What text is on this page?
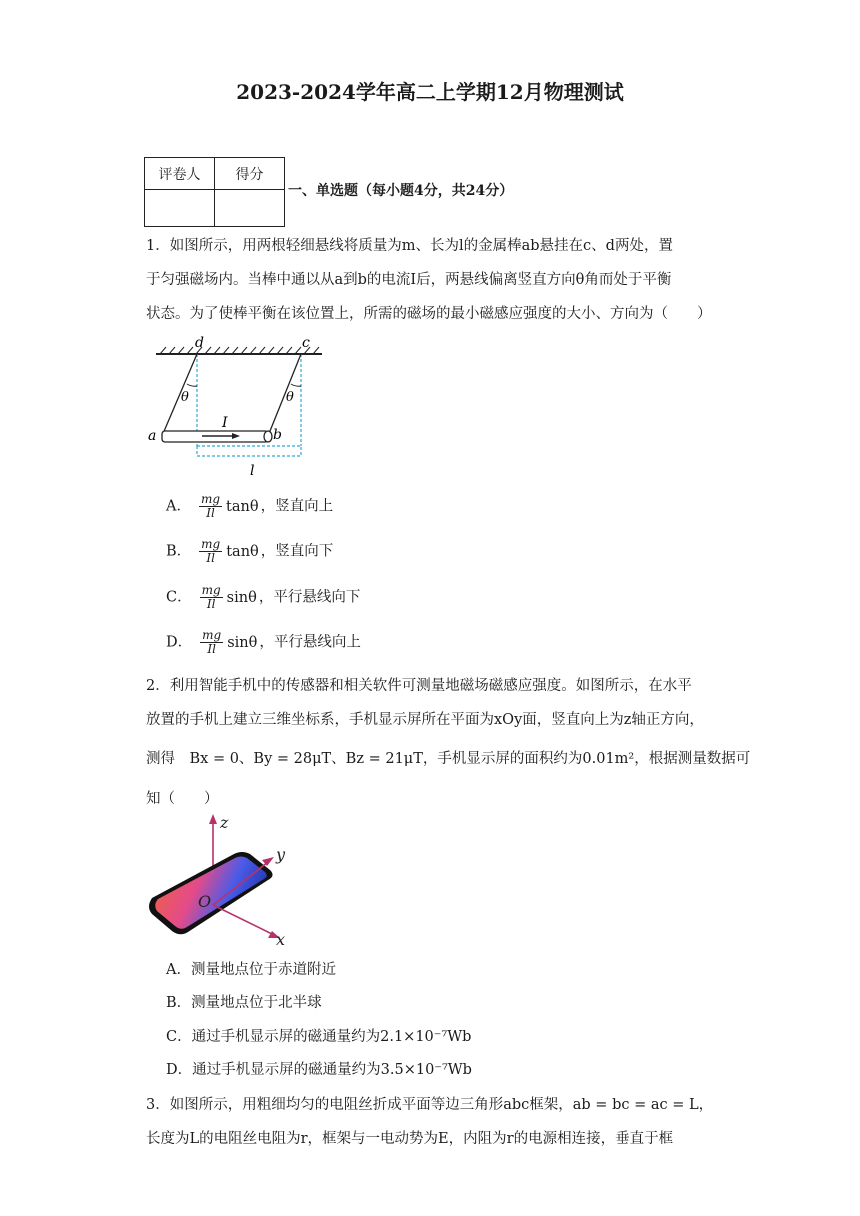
2023-2024学年高二上学期12月物理测试
评卷人	得分

一、单选题（每小题4分，共24分）
1．如图所示，用两根轻细悬线将质量为m、长为l的金属棒ab悬挂在c、d两处，置
于匀强磁场内。当棒中通以从a到b的电流I后，两悬线偏离竖直方向θ角而处于平衡
状态。为了使棒平衡在该位置上，所需的磁场的最小磁感应强度的大小、方向为（　　）
d	c
θ	θ
I
a	b
l
A． $\frac{mg}{Il}$ tanθ ，竖直向上
B． $\frac{mg}{Il}$ tanθ ，竖直向下
C． $\frac{mg}{Il}$ sinθ ，平行悬线向下
D． $\frac{mg}{Il}$ sinθ ，平行悬线向上
2．利用智能手机中的传感器和相关软件可测量地磁场磁感应强度。如图所示，在水平
放置的手机上建立三维坐标系，手机显示屏所在平面为xOy面，竖直向上为z轴正方向，
测得　Bx = 0、By = 28μT、Bz = 21μT，手机显示屏的面积约为0.01m²，根据测量数据可
知（　　）
z
y
x
O
A．测量地点位于赤道附近
B．测量地点位于北半球
C．通过手机显示屏的磁通量约为2.1×10⁻⁷Wb
D．通过手机显示屏的磁通量约为3.5×10⁻⁷Wb
3．如图所示，用粗细均匀的电阻丝折成平面等边三角形abc框架，ab = bc = ac = L，
长度为L的电阻丝电阻为r，框架与一电动势为E，内阻为r的电源相连接，垂直于框
